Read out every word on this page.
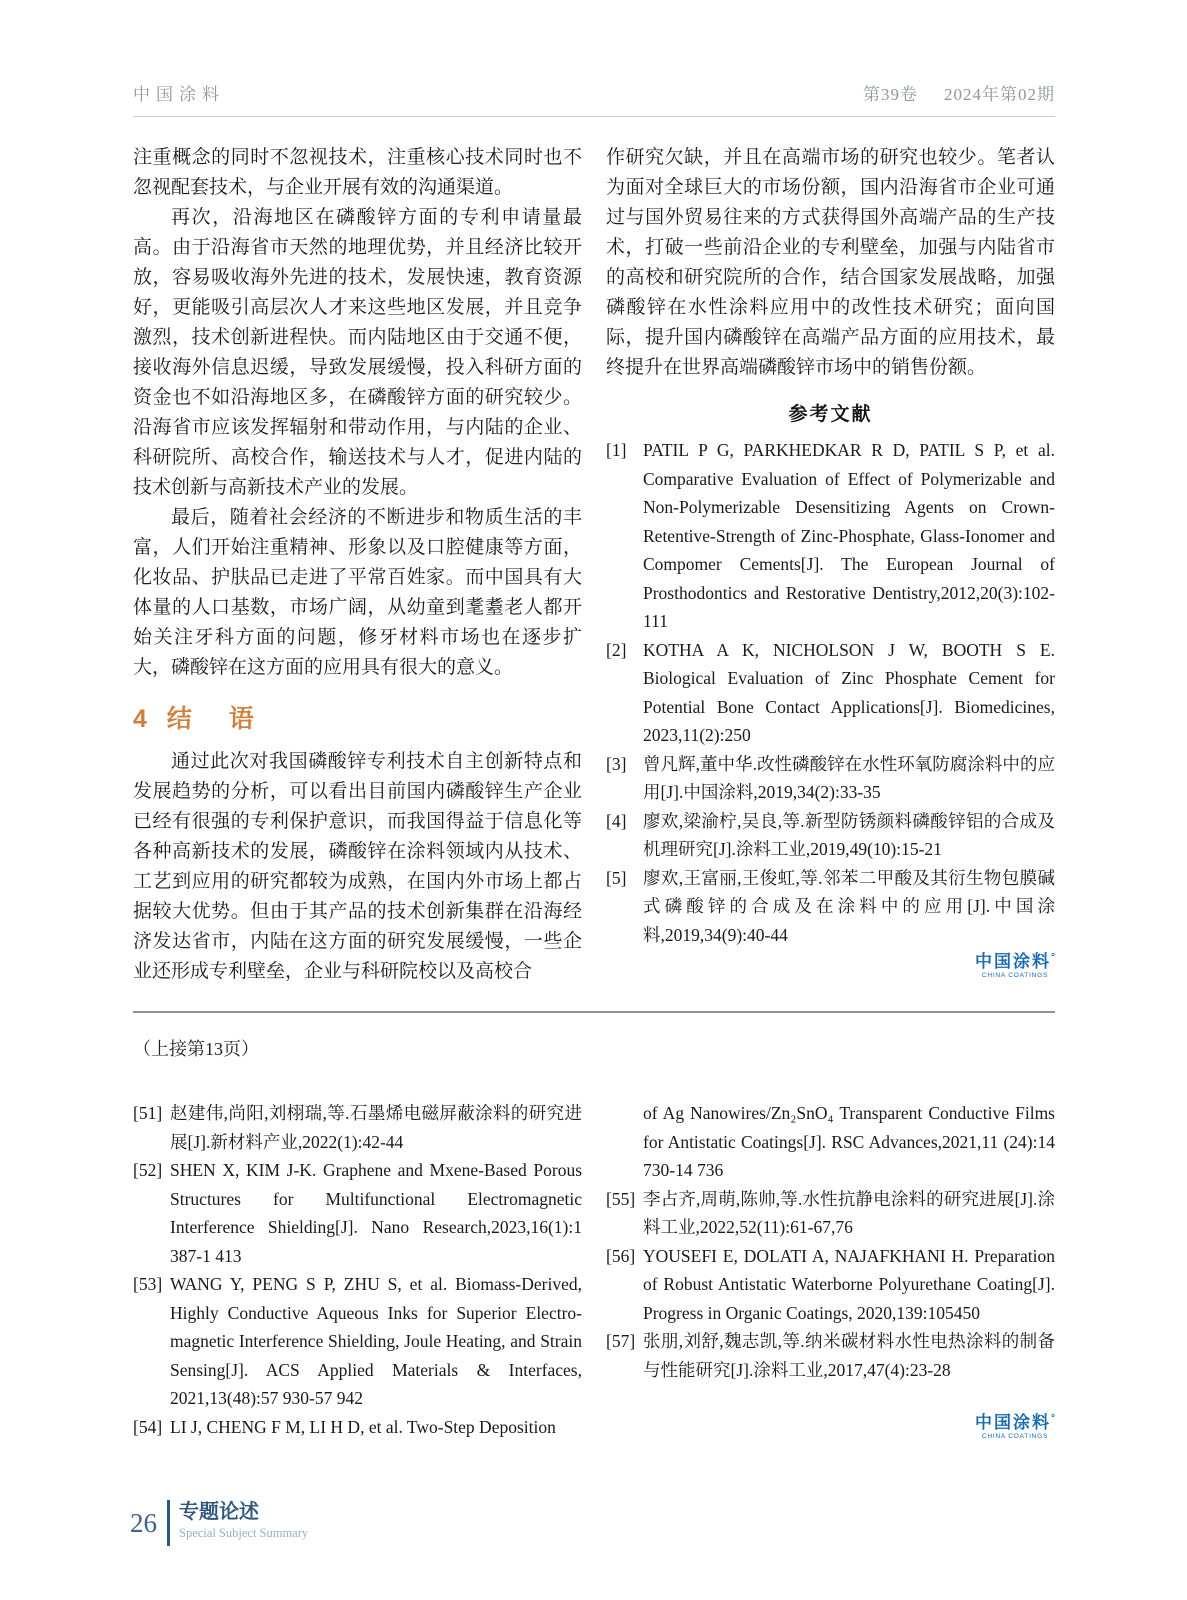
中国涂料	第39卷 2024年第02期

注重概念的同时不忽视技术，注重核心技术同时也不忽视配套技术，与企业开展有效的沟通渠道。

再次，沿海地区在磷酸锌方面的专利申请量最高。由于沿海省市天然的地理优势，并且经济比较开放，容易吸收海外先进的技术，发展快速，教育资源好，更能吸引高层次人才来这些地区发展，并且竞争激烈，技术创新进程快。而内陆地区由于交通不便，接收海外信息迟缓，导致发展缓慢，投入科研方面的资金也不如沿海地区多，在磷酸锌方面的研究较少。沿海省市应该发挥辐射和带动作用，与内陆的企业、科研院所、高校合作，输送技术与人才，促进内陆的技术创新与高新技术产业的发展。

最后，随着社会经济的不断进步和物质生活的丰富，人们开始注重精神、形象以及口腔健康等方面，化妆品、护肤品已走进了平常百姓家。而中国具有大体量的人口基数，市场广阔，从幼童到耄耋老人都开始关注牙科方面的问题，修牙材料市场也在逐步扩大，磷酸锌在这方面的应用具有很大的意义。

4 结　语

通过此次对我国磷酸锌专利技术自主创新特点和发展趋势的分析，可以看出目前国内磷酸锌生产企业已经有很强的专利保护意识，而我国得益于信息化等各种高新技术的发展，磷酸锌在涂料领域内从技术、工艺到应用的研究都较为成熟，在国内外市场上都占据较大优势。但由于其产品的技术创新集群在沿海经济发达省市，内陆在这方面的研究发展缓慢，一些企业还形成专利壁垒，企业与科研院校以及高校合

作研究欠缺，并且在高端市场的研究也较少。笔者认为面对全球巨大的市场份额，国内沿海省市企业可通过与国外贸易往来的方式获得国外高端产品的生产技术，打破一些前沿企业的专利壁垒，加强与内陆省市的高校和研究院所的合作，结合国家发展战略，加强磷酸锌在水性涂料应用中的改性技术研究；面向国际，提升国内磷酸锌在高端产品方面的应用技术，最终提升在世界高端磷酸锌市场中的销售份额。

参考文献
[1] PATIL P G, PARKHEDKAR R D, PATIL S P, et al. Comparative Evaluation of Effect of Polymerizable and Non-Polymerizable Desensitizing Agents on Crown-Retentive-Strength of Zinc-Phosphate, Glass-Ionomer and Compomer Cements[J]. The European Journal of Prosthodontics and Restorative Dentistry,2012,20(3):102-111
[2] KOTHA A K, NICHOLSON J W, BOOTH S E. Biological Evaluation of Zinc Phosphate Cement for Potential Bone Contact Applications[J]. Biomedicines, 2023,11(2):250
[3] 曾凡辉,董中华.改性磷酸锌在水性环氧防腐涂料中的应用[J].中国涂料,2019,34(2):33-35
[4] 廖欢,梁渝柠,吴良,等.新型防锈颜料磷酸锌铝的合成及机理研究[J].涂料工业,2019,49(10):15-21
[5] 廖欢,王富丽,王俊虹,等.邻苯二甲酸及其衍生物包膜碱式磷酸锌的合成及在涂料中的应用[J].中国涂料,2019,34(9):40-44
中国涂料°
CHINA COATINGS
（上接第13页）
[51] 赵建伟,尚阳,刘栩瑞,等.石墨烯电磁屏蔽涂料的研究进展[J].新材料产业,2022(1):42-44
[52] SHEN X, KIM J-K. Graphene and Mxene-Based Porous Structures for Multifunctional Electromagnetic Interference Shielding[J]. Nano Research,2023,16(1):1 387-1 413
[53] WANG Y, PENG S P, ZHU S, et al. Biomass-Derived, Highly Conductive Aqueous Inks for Superior Electro-magnetic Interference Shielding, Joule Heating, and Strain Sensing[J]. ACS Applied Materials & Interfaces, 2021,13(48):57 930-57 942
[54] LI J, CHENG F M, LI H D, et al. Two-Step Deposition
of Ag Nanowires/Zn₂SnO₄ Transparent Conductive Films for Antistatic Coatings[J]. RSC Advances,2021,11 (24):14 730-14 736
[55] 李占齐,周萌,陈帅,等.水性抗静电涂料的研究进展[J].涂料工业,2022,52(11):61-67,76
[56] YOUSEFI E, DOLATI A, NAJAFKHANI H. Preparation of Robust Antistatic Waterborne Polyurethane Coating[J]. Progress in Organic Coatings, 2020,139:105450
[57] 张朋,刘舒,魏志凯,等.纳米碳材料水性电热涂料的制备与性能研究[J].涂料工业,2017,47(4):23-28
中国涂料°
CHINA COATINGS
26	专题论述
Special Subject Summary
